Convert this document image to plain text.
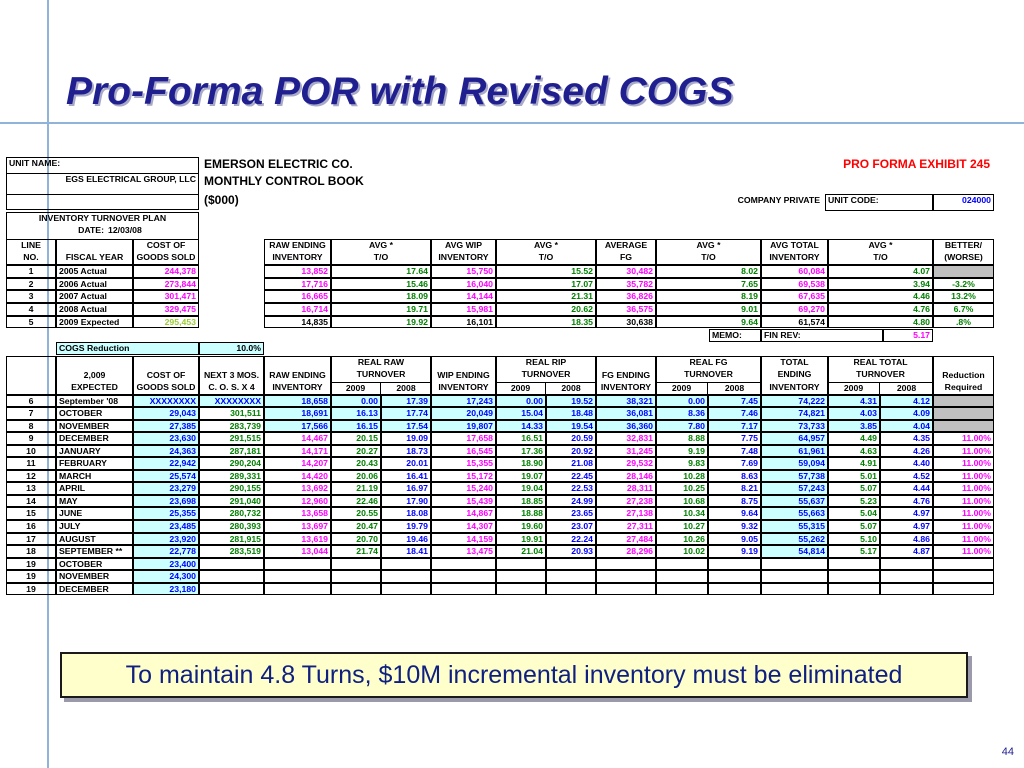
Pro-Forma POR with Revised COGS
UNIT NAME:
EGS ELECTRICAL GROUP, LLC
EMERSON ELECTRIC CO.
MONTHLY CONTROL BOOK
($000)
PRO FORMA EXHIBIT 245
COMPANY PRIVATE UNIT CODE:	024000
INVENTORY TURNOVER PLAN
DATE: 12/03/08
LINE
NO.	FISCAL YEAR
COST OF
GOODS SOLD
RAW ENDING
INVENTORY
AVG *
T/O
AVG WIP
INVENTORY
AVG *
T/O
AVERAGE
FG
AVG *
T/O
AVG TOTAL
INVENTORY
AVG *
T/O
BETTER/
(WORSE)
1	2005 Actual	244,378	13,852	17.64	15,750	15.52	30,482	8.02	60,084	4.07
2	2006 Actual	273,844	17,716	15.46	16,040	17.07	35,782	7.65	69,538	3.94	-3.2%
3	2007 Actual	301,471	16,665	18.09	14,144	21.31	36,826	8.19	67,635	4.46	13.2%
4	2008 Actual	329,475	16,714	19.71	15,981	20.62	36,575	9.01	69,270	4.76	6.7%
5	2009 Expected	295,453	14,835	19.92	16,101	18.35	30,638	9.64	61,574	4.80	.8%
MEMO:	FIN REV:	5.17
COGS Reduction	10.0%
2,009
EXPECTED
COST OF
GOODS SOLD
NEXT 3 MOS.
C. O. S. X 4
RAW ENDING
INVENTORY
REAL RAW
TURNOVER
2009	2008
WIP ENDING
INVENTORY
REAL RIP
TURNOVER
2009	2008
FG ENDING
INVENTORY
REAL FG
TURNOVER
2009	2008
TOTAL
ENDING
INVENTORY
REAL TOTAL
TURNOVER
2009	2008
Reduction
Required
6	September '08	XXXXXXXX	XXXXXXXX	18,658	0.00	17.39	17,243	0.00	19.52	38,321	0.00	7.45	74,222	4.31	4.12
7	OCTOBER	29,043	301,511	18,691	16.13	17.74	20,049	15.04	18.48	36,081	8.36	7.46	74,821	4.03	4.09
8	NOVEMBER	27,385	283,739	17,566	16.15	17.54	19,807	14.33	19.54	36,360	7.80	7.17	73,733	3.85	4.04
9	DECEMBER	23,630	291,515	14,467	20.15	19.09	17,658	16.51	20.59	32,831	8.88	7.75	64,957	4.49	4.35	11.00%
10	JANUARY	24,363	287,181	14,171	20.27	18.73	16,545	17.36	20.92	31,245	9.19	7.48	61,961	4.63	4.26	11.00%
11	FEBRUARY	22,942	290,204	14,207	20.43	20.01	15,355	18.90	21.08	29,532	9.83	7.69	59,094	4.91	4.40	11.00%
12	MARCH	25,574	289,331	14,420	20.06	16.41	15,172	19.07	22.45	28,146	10.28	8.63	57,738	5.01	4.52	11.00%
13	APRIL	23,279	290,155	13,692	21.19	16.97	15,240	19.04	22.53	28,311	10.25	8.21	57,243	5.07	4.44	11.00%
14	MAY	23,698	291,040	12,960	22.46	17.90	15,439	18.85	24.99	27,238	10.68	8.75	55,637	5.23	4.76	11.00%
15	JUNE	25,355	280,732	13,658	20.55	18.08	14,867	18.88	23.65	27,138	10.34	9.64	55,663	5.04	4.97	11.00%
16	JULY	23,485	280,393	13,697	20.47	19.79	14,307	19.60	23.07	27,311	10.27	9.32	55,315	5.07	4.97	11.00%
17	AUGUST	23,920	281,915	13,619	20.70	19.46	14,159	19.91	22.24	27,484	10.26	9.05	55,262	5.10	4.86	11.00%
18	SEPTEMBER **	22,778	283,519	13,044	21.74	18.41	13,475	21.04	20.93	28,296	10.02	9.19	54,814	5.17	4.87	11.00%
19	OCTOBER	23,400
19	NOVEMBER	24,300
19	DECEMBER	23,180
To maintain 4.8 Turns, $10M incremental inventory must be eliminated
44
